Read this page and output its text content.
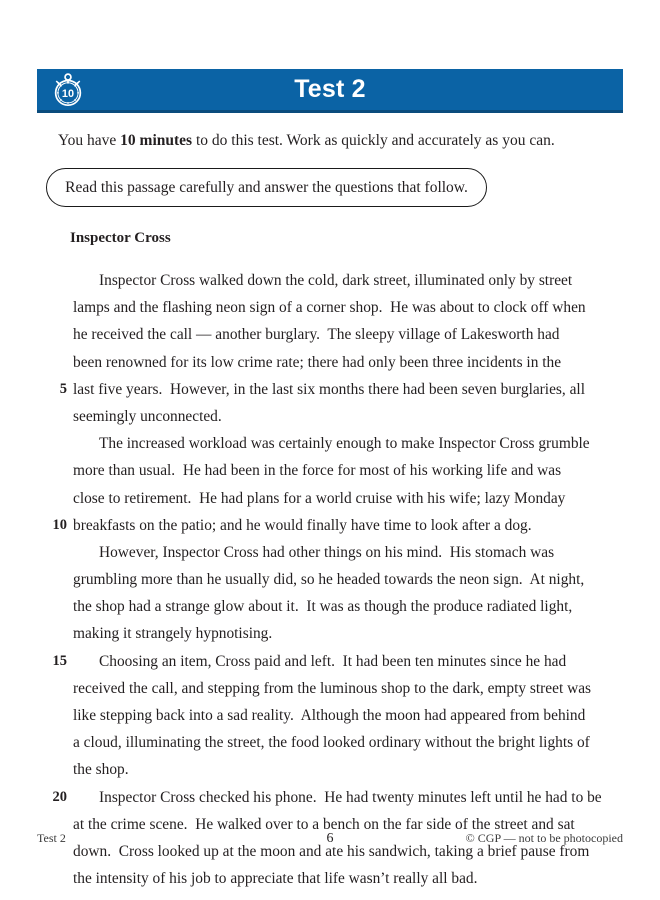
10	Test 2
You have 10 minutes to do this test. Work as quickly and accurately as you can.
Read this passage carefully and answer the questions that follow.
Inspector Cross
Inspector Cross walked down the cold, dark street, illuminated only by street
lamps and the flashing neon sign of a corner shop.  He was about to clock off when
he received the call — another burglary.  The sleepy village of Lakesworth had
been renowned for its low crime rate; there had only been three incidents in the
5 last five years.  However, in the last six months there had been seven burglaries, all
seemingly unconnected.
The increased workload was certainly enough to make Inspector Cross grumble
more than usual.  He had been in the force for most of his working life and was
close to retirement.  He had plans for a world cruise with his wife; lazy Monday
10 breakfasts on the patio; and he would finally have time to look after a dog.
However, Inspector Cross had other things on his mind.  His stomach was
grumbling more than he usually did, so he headed towards the neon sign.  At night,
the shop had a strange glow about it.  It was as though the produce radiated light,
making it strangely hypnotising.
15	Choosing an item, Cross paid and left.  It had been ten minutes since he had
received the call, and stepping from the luminous shop to the dark, empty street was
like stepping back into a sad reality.  Although the moon had appeared from behind
a cloud, illuminating the street, the food looked ordinary without the bright lights of
the shop.
20	Inspector Cross checked his phone.  He had twenty minutes left until he had to be
at the crime scene.  He walked over to a bench on the far side of the street and sat
down.  Cross looked up at the moon and ate his sandwich, taking a brief pause from
the intensity of his job to appreciate that life wasn’t really all bad.
Test 2	6	© CGP — not to be photocopied
